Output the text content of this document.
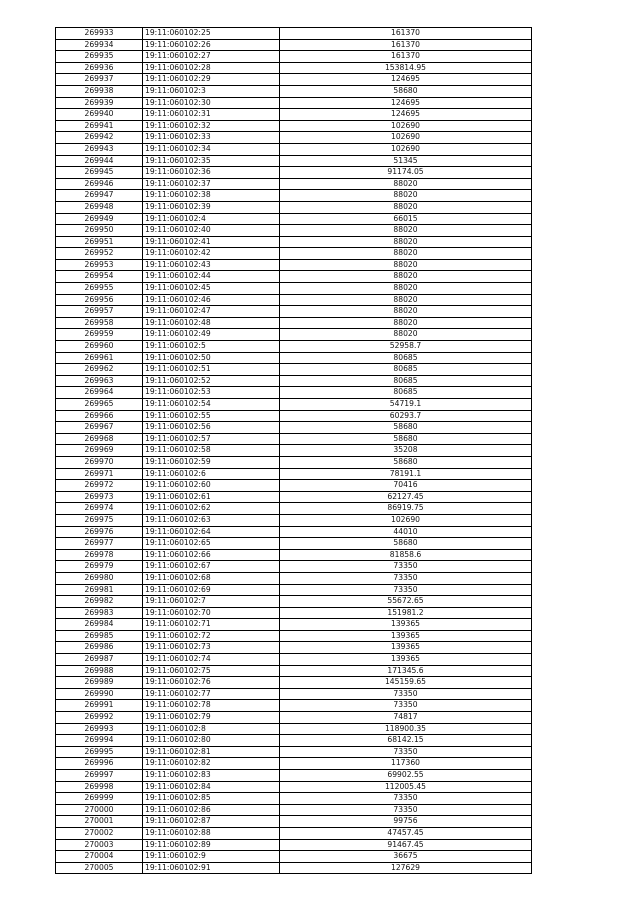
269933	19:11:060102:25	161370
269934	19:11:060102:26	161370
269935	19:11:060102:27	161370
269936	19:11:060102:28	153814.95
269937	19:11:060102:29	124695
269938	19:11:060102:3	58680
269939	19:11:060102:30	124695
269940	19:11:060102:31	124695
269941	19:11:060102:32	102690
269942	19:11:060102:33	102690
269943	19:11:060102:34	102690
269944	19:11:060102:35	51345
269945	19:11:060102:36	91174.05
269946	19:11:060102:37	88020
269947	19:11:060102:38	88020
269948	19:11:060102:39	88020
269949	19:11:060102:4	66015
269950	19:11:060102:40	88020
269951	19:11:060102:41	88020
269952	19:11:060102:42	88020
269953	19:11:060102:43	88020
269954	19:11:060102:44	88020
269955	19:11:060102:45	88020
269956	19:11:060102:46	88020
269957	19:11:060102:47	88020
269958	19:11:060102:48	88020
269959	19:11:060102:49	88020
269960	19:11:060102:5	52958.7
269961	19:11:060102:50	80685
269962	19:11:060102:51	80685
269963	19:11:060102:52	80685
269964	19:11:060102:53	80685
269965	19:11:060102:54	54719.1
269966	19:11:060102:55	60293.7
269967	19:11:060102:56	58680
269968	19:11:060102:57	58680
269969	19:11:060102:58	35208
269970	19:11:060102:59	58680
269971	19:11:060102:6	78191.1
269972	19:11:060102:60	70416
269973	19:11:060102:61	62127.45
269974	19:11:060102:62	86919.75
269975	19:11:060102:63	102690
269976	19:11:060102:64	44010
269977	19:11:060102:65	58680
269978	19:11:060102:66	81858.6
269979	19:11:060102:67	73350
269980	19:11:060102:68	73350
269981	19:11:060102:69	73350
269982	19:11:060102:7	55672.65
269983	19:11:060102:70	151981.2
269984	19:11:060102:71	139365
269985	19:11:060102:72	139365
269986	19:11:060102:73	139365
269987	19:11:060102:74	139365
269988	19:11:060102:75	171345.6
269989	19:11:060102:76	145159.65
269990	19:11:060102:77	73350
269991	19:11:060102:78	73350
269992	19:11:060102:79	74817
269993	19:11:060102:8	118900.35
269994	19:11:060102:80	68142.15
269995	19:11:060102:81	73350
269996	19:11:060102:82	117360
269997	19:11:060102:83	69902.55
269998	19:11:060102:84	112005.45
269999	19:11:060102:85	73350
270000	19:11:060102:86	73350
270001	19:11:060102:87	99756
270002	19:11:060102:88	47457.45
270003	19:11:060102:89	91467.45
270004	19:11:060102:9	36675
270005	19:11:060102:91	127629
